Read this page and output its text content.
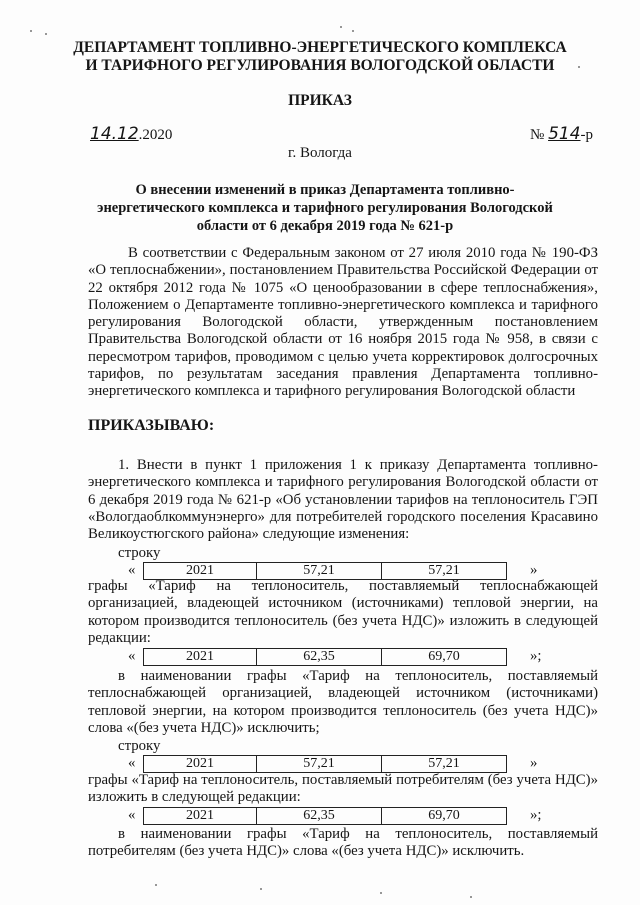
ДЕПАРТАМЕНТ ТОПЛИВНО-ЭНЕРГЕТИЧЕСКОГО КОМПЛЕКСА
И ТАРИФНОГО РЕГУЛИРОВАНИЯ ВОЛОГОДСКОЙ ОБЛАСТИ
ПРИКАЗ
14.12.2020	№ 514-р
г. Вологда
О внесении изменений в приказ Департамента топливно-
энергетического комплекса и тарифного регулирования Вологодской
области от 6 декабря 2019 года № 621-р

В соответствии с Федеральным законом от 27 июля 2010 года № 190-ФЗ «О теплоснабжении», постановлением Правительства Российской Федерации от 22 октября 2012 года № 1075 «О ценообразовании в сфере теплоснабжения», Положением о Департаменте топливно-энергетического комплекса и тарифного регулирования Вологодской области, утвержденным постановлением Правительства Вологодской области от 16 ноября 2015 года № 958, в связи с пересмотром тарифов, проводимом с целью учета корректировок долгосрочных тарифов, по результатам заседания правления Департамента топливно-энергетического комплекса и тарифного регулирования Вологодской области

ПРИКАЗЫВАЮ:

1. Внести в пункт 1 приложения 1 к приказу Департамента топливно-энергетического комплекса и тарифного регулирования Вологодской области от 6 декабря 2019 года № 621-р «Об установлении тарифов на теплоноситель ГЭП «Вологдаоблкоммунэнерго» для потребителей городского поселения Красавино Великоустюгского района» следующие изменения:

строку
«	2021	57,21	57,21	»

графы «Тариф на теплоноситель, поставляемый теплоснабжающей организацией, владеющей источником (источниками) тепловой энергии, на котором производится теплоноситель (без учета НДС)» изложить в следующей редакции:

«	2021	62,35	69,70	»;

в наименовании графы «Тариф на теплоноситель, поставляемый теплоснабжающей организацией, владеющей источником (источниками) тепловой энергии, на котором производится теплоноситель (без учета НДС)» слова «(без учета НДС)» исключить;

строку
«	2021	57,21	57,21	»

графы «Тариф на теплоноситель, поставляемый потребителям (без учета НДС)» изложить в следующей редакции:

«	2021	62,35	69,70	»;

в наименовании графы «Тариф на теплоноситель, поставляемый потребителям (без учета НДС)» слова «(без учета НДС)» исключить.
